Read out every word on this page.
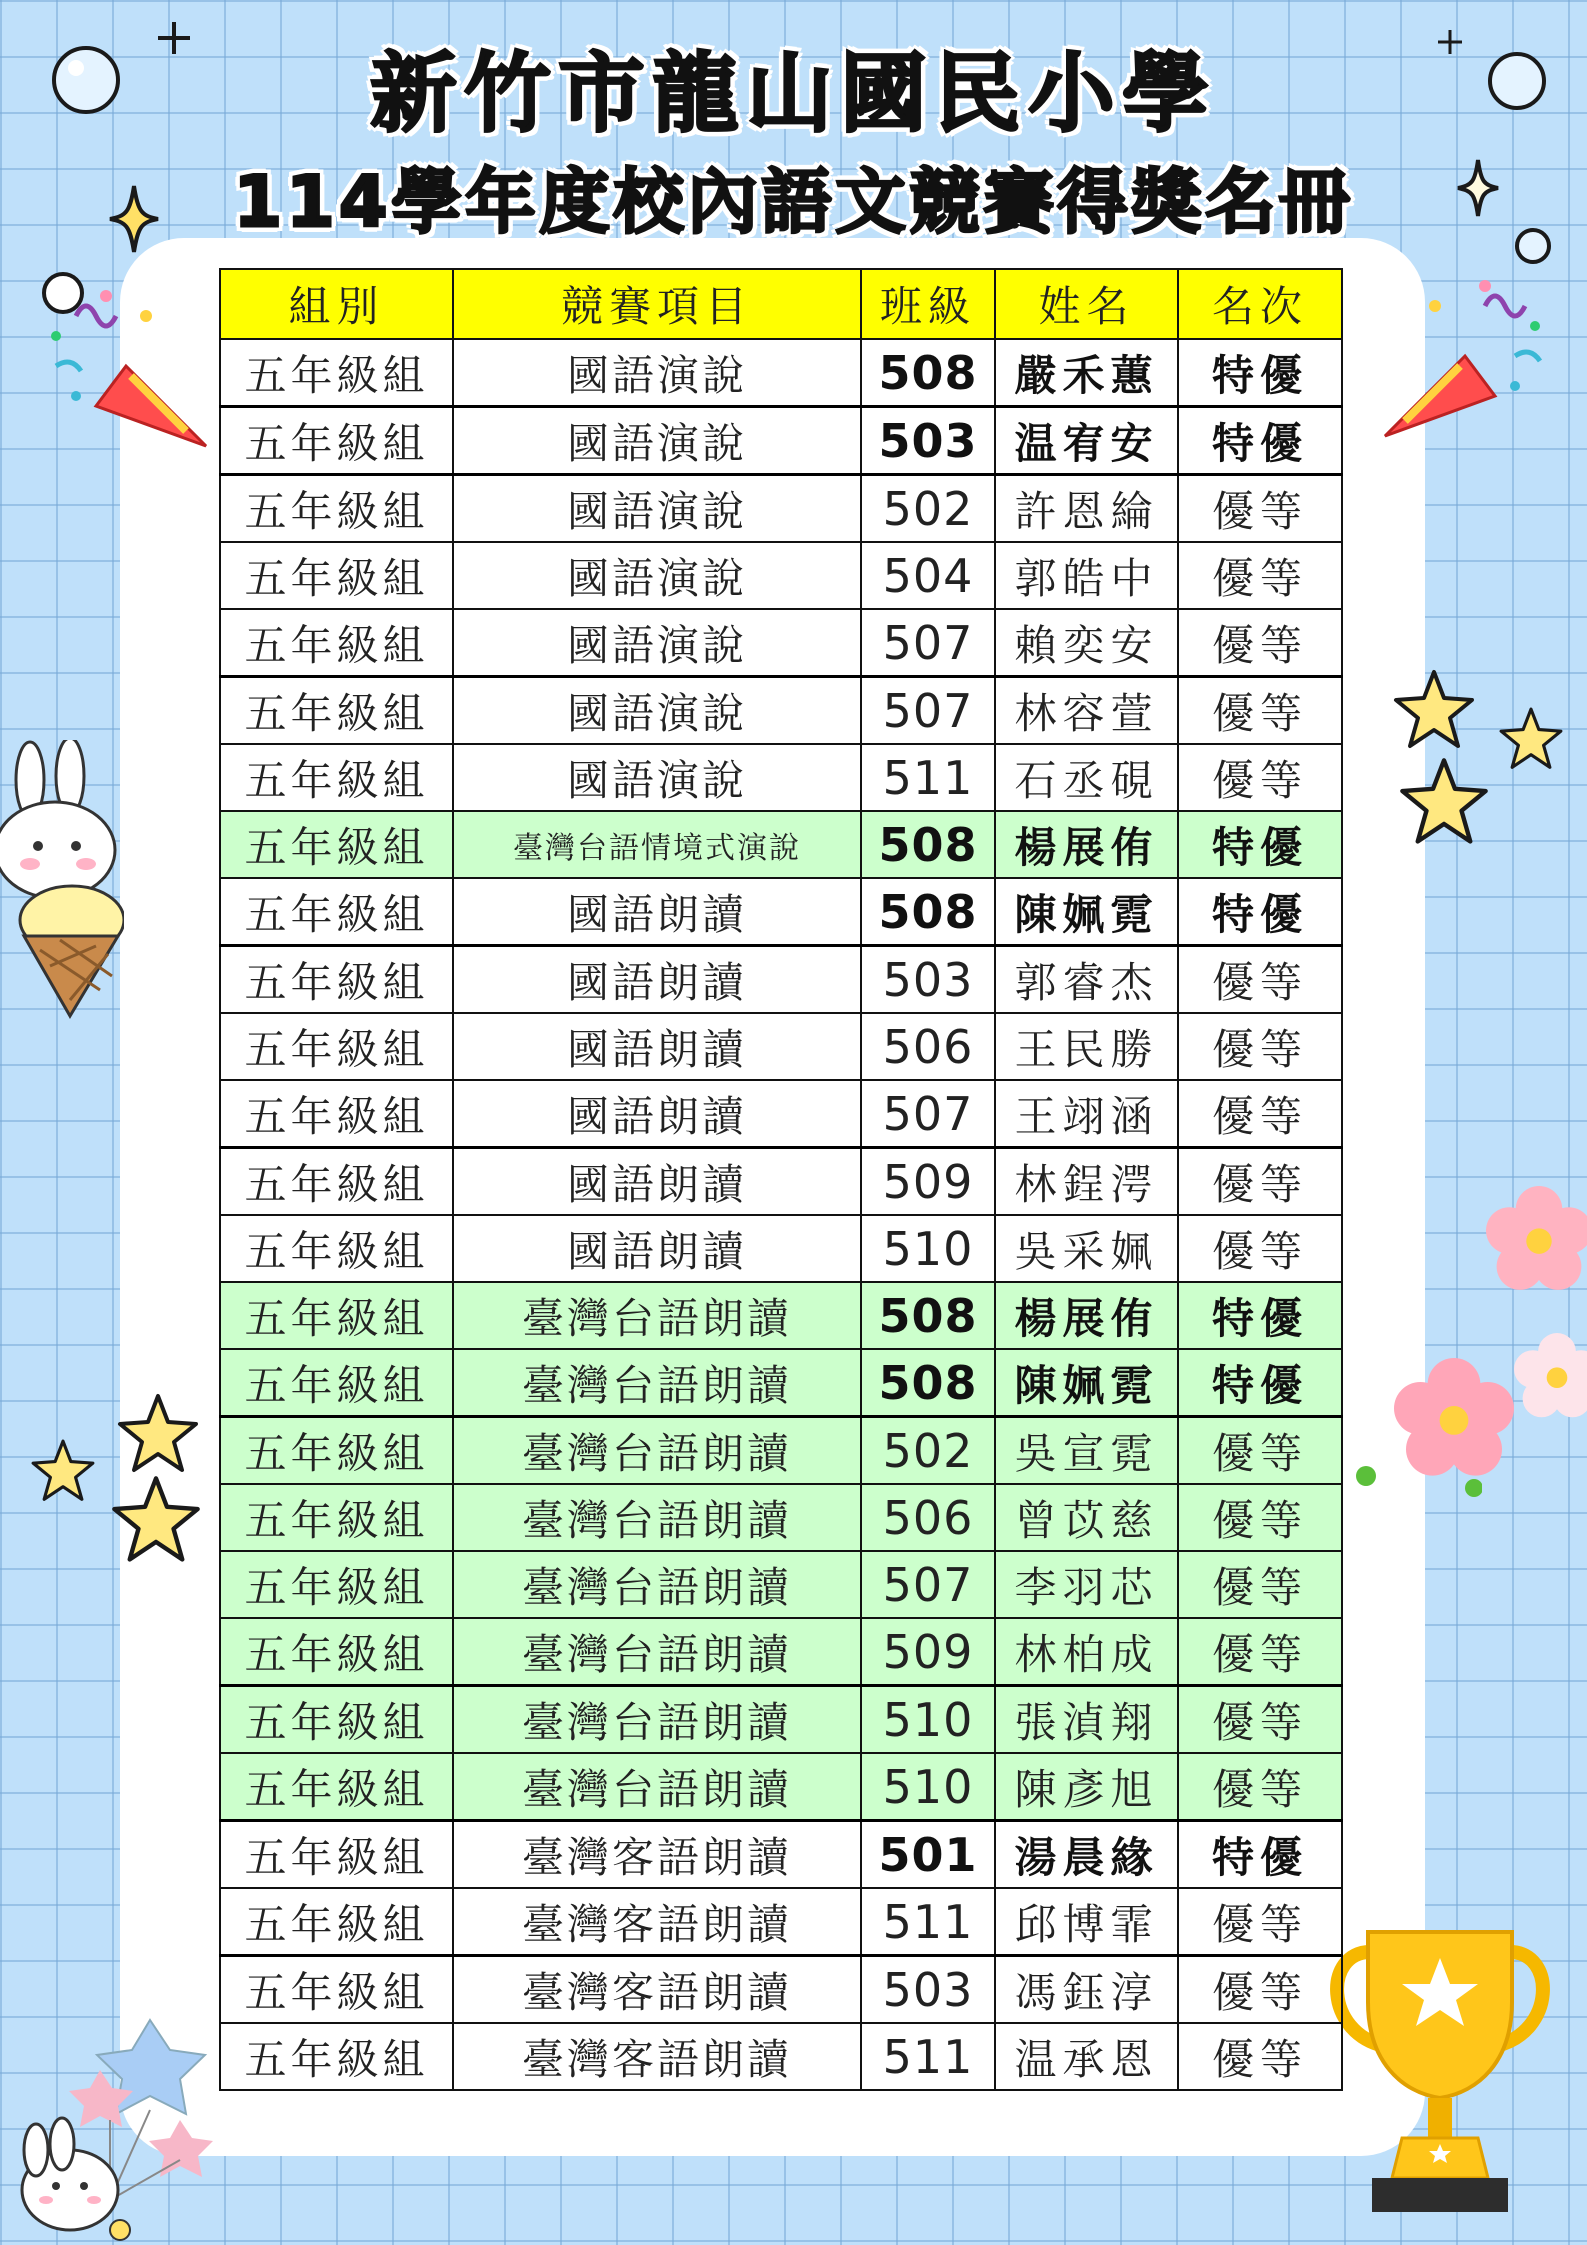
新竹市龍山國民小學
114學年度校內語文競賽得獎名冊
組別	競賽項目	班級	姓名	名次
五年級組	國語演說	508	嚴禾蕙	特優
五年級組	國語演說	503	温宥安	特優
五年級組	國語演說	502	許恩綸	優等
五年級組	國語演說	504	郭皓中	優等
五年級組	國語演說	507	賴奕安	優等
五年級組	國語演說	507	林容萱	優等
五年級組	國語演說	511	石丞硯	優等
五年級組	臺灣台語情境式演說	508	楊展侑	特優
五年級組	國語朗讀	508	陳姵霓	特優
五年級組	國語朗讀	503	郭睿杰	優等
五年級組	國語朗讀	506	王民勝	優等
五年級組	國語朗讀	507	王翊涵	優等
五年級組	國語朗讀	509	林鋥湂	優等
五年級組	國語朗讀	510	吳采姵	優等
五年級組	臺灣台語朗讀	508	楊展侑	特優
五年級組	臺灣台語朗讀	508	陳姵霓	特優
五年級組	臺灣台語朗讀	502	吳宣霓	優等
五年級組	臺灣台語朗讀	506	曾苡慈	優等
五年級組	臺灣台語朗讀	507	李羽芯	優等
五年級組	臺灣台語朗讀	509	林柏成	優等
五年級組	臺灣台語朗讀	510	張湞翔	優等
五年級組	臺灣台語朗讀	510	陳彥旭	優等
五年級組	臺灣客語朗讀	501	湯晨緣	特優
五年級組	臺灣客語朗讀	511	邱博霏	優等
五年級組	臺灣客語朗讀	503	馮鈺淳	優等
五年級組	臺灣客語朗讀	511	温承恩	優等
